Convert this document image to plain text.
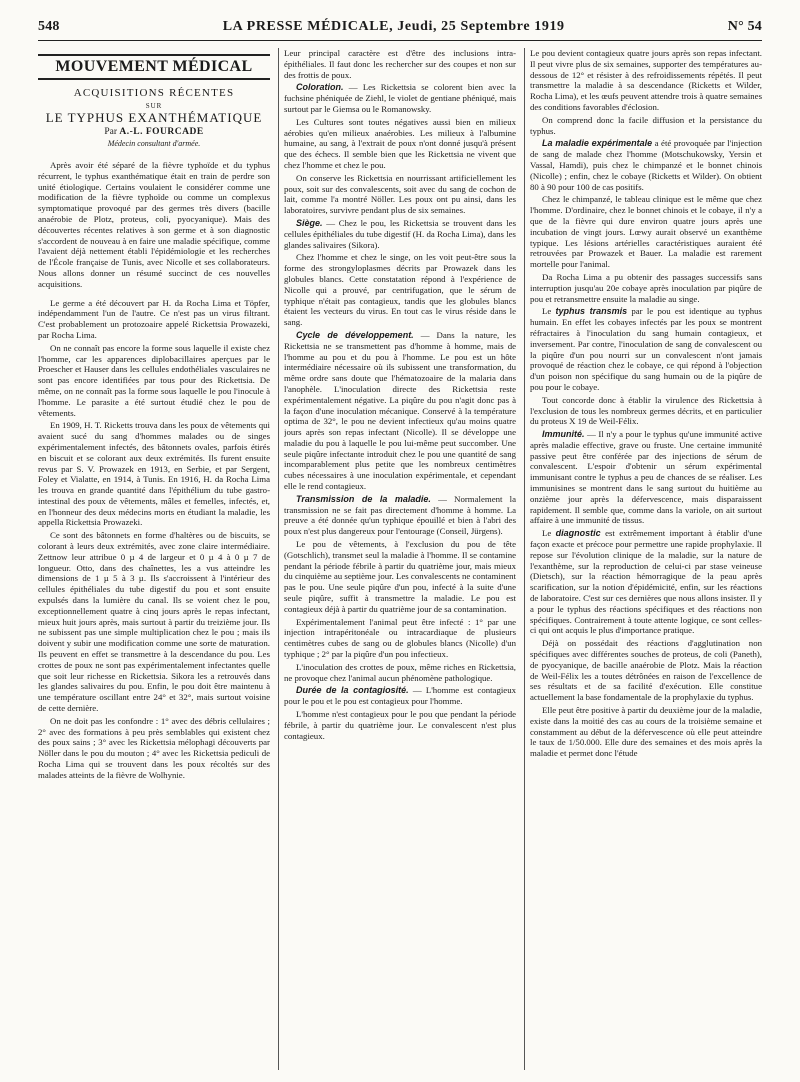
548	LA PRESSE MÉDICALE, Jeudi, 25 Septembre 1919	N° 54
MOUVEMENT MÉDICAL
ACQUISITIONS RÉCENTES
SUR
LE TYPHUS EXANTHÉMATIQUE
Par A.-L. FOURCADE
Médecin consultant d'armée.

Après avoir été séparé de la fièvre typhoïde et du typhus récurrent, le typhus exanthématique était en train de perdre son unité étiologique. Certains voulaient le considérer comme une modification de la fièvre typhoïde ou comme un complexus symptomatique provoqué par des germes très divers (bacille anaérobie de Plotz, proteus, coli, pyocyanique). Mais des découvertes récentes relatives à son germe et à son diagnostic s'accordent de nouveau à en faire une maladie spécifique, comme l'avaient déjà nettement établi l'épidémiologie et les recherches de l'École française de Tunis, avec Nicolle et ses collaborateurs. Nous allons donner un résumé succinct de ces nouvelles acquisitions.

Le germe a été découvert par H. da Rocha Lima et Töpfer, indépendamment l'un de l'autre. Ce n'est pas un virus filtrant. C'est probablement un protozoaire appelé Rickettsia Prowazeki, par Rocha Lima.

On ne connaît pas encore la forme sous laquelle il existe chez l'homme, car les apparences diplobacillaires aperçues par le Proescher et Hauser dans les cellules endothéliales vasculaires ne sont pas encore identifiées par tous pour des Rickettsia. De même, on ne connaît pas la forme sous laquelle le pou l'inocule à l'homme. Le parasite a été surtout étudié chez le pou de vêtements.

En 1909, H. T. Ricketts trouva dans les poux de vêtements qui avaient sucé du sang d'hommes malades ou de singes expérimentalement infectés, des bâtonnets ovales, parfois étirés en biscuit et se colorant aux deux extrémités. Ils furent ensuite revus par S. V. Prowazek en 1913, en Serbie, et par Sergent, Foley et Vialatte, en 1914, à Tunis. En 1916, H. da Rocha Lima les trouva en grande quantité dans l'épithélium du tube gastro-intestinal des poux de vêtements, mâles et femelles, infectés, et, en l'honneur des deux médecins morts en étudiant la maladie, les appella Rickettsia Prowazeki.

Ce sont des bâtonnets en forme d'haltères ou de biscuits, se colorant à leurs deux extrémités, avec zone claire intermédiaire. Zettnow leur attribue 0 µ 4 de largeur et 0 µ 4 à 0 µ 7 de longueur. Otto, dans des chaînettes, les a vus atteindre les dimensions de 1 µ 5 à 3 µ. Ils s'accroissent à l'intérieur des cellules épithéliales du tube digestif du pou et sont ensuite expulsés dans la lumière du canal. Ils se voient chez le pou, exceptionnellement quatre à cinq jours après le repas infectant, mieux huit jours après, mais surtout à partir du treizième jour. Ils ne subissent pas une simple multiplication chez le pou ; mais ils doivent y subir une modification comme une sorte de maturation. Ils peuvent en effet se transmettre à la descendance du pou. Les crottes de poux ne sont pas expérimentalement infectantes quelle que soit leur richesse en Rickettsia. Sikora les a retrouvés dans les glandes salivaires du pou. Enfin, le pou doit être maintenu à une température oscillant entre 24° et 32°, mais surtout voisine de cette dernière.

On ne doit pas les confondre : 1° avec des débris cellulaires ; 2° avec des formations à peu près semblables qui existent chez des poux sains ; 3° avec les Rickettsia mélophagi découverts par Nöller dans le pou du mouton ; 4° avec les Rickettsia pediculi de Rocha Lima qui se trouvent dans les poux récoltés sur des malades atteints de la fièvre de Wolhynie.

Leur principal caractère est d'être des inclusions intra-épithéliales. Il faut donc les rechercher sur des coupes et non sur des frottis de poux.

Coloration. — Les Rickettsia se colorent bien avec la fuchsine phéniquée de Ziehl, le violet de gentiane phéniqué, mais surtout par le Giemsa ou le Romanowsky.

Les Cultures sont toutes négatives aussi bien en milieux aérobies qu'en milieux anaérobies. Les milieux à l'albumine humaine, au sang, à l'extrait de poux n'ont donné jusqu'à présent que des échecs. Il semble bien que les Rickettsia ne vivent que chez l'homme et chez le pou.

On conserve les Rickettsia en nourrissant artificiellement les poux, soit sur des convalescents, soit avec du sang de cochon de lait, comme l'a montré Nöller. Les poux ont pu ainsi, dans les laboratoires, survivre pendant plus de six semaines.

Siège. — Chez le pou, les Rickettsia se trouvent dans les cellules épithéliales du tube digestif (H. da Rocha Lima), dans les glandes salivaires (Sikora).

Chez l'homme et chez le singe, on les voit peut-être sous la forme des strongyloplasmes décrits par Prowazek dans les globules blancs. Cette constatation répond à l'expérience de Nicolle qui a prouvé, par centrifugation, que le sérum de typhique n'était pas contagieux, tandis que les globules blancs étaient les vecteurs du virus. En tout cas le virus réside dans le sang.

Cycle de développement. — Dans la nature, les Rickettsia ne se transmettent pas d'homme à homme, mais de l'homme au pou et du pou à l'homme. Le pou est un hôte intermédiaire nécessaire où ils subissent une transformation, du même ordre sans doute que l'hématozoaire de la malaria dans l'anophèle. L'inoculation directe des Rickettsia reste expérimentalement négative. La piqûre du pou n'agit donc pas à la façon d'une inoculation mécanique. Conservé à la température optima de 32°, le pou ne devient infectieux qu'au moins quatre jours après son repas infectant (Nicolle). Il se développe une maladie du pou à laquelle le pou lui-même peut succomber. Une seule piqûre infectante introduit chez le pou une quantité de sang incomparablement plus petite que les nombreux centimètres cubes nécessaires à une inoculation expérimentale, et cependant elle le rend contagieux.

Transmission de la maladie. — Normalement la transmission ne se fait pas directement d'homme à homme. La preuve a été donnée qu'un typhique épouillé et bien à l'abri des poux n'est plus dangereux pour l'entourage (Conseil, Jürgens).

Le pou de vêtements, à l'exclusion du pou de tête (Gotschlich), transmet seul la maladie à l'homme. Il se contamine pendant la période fébrile à partir du quatrième jour, mais mieux du cinquième au septième jour. Les convalescents ne contaminent pas le pou. Une seule piqûre d'un pou, infecté à la suite d'une seule piqûre, suffit à transmettre la maladie. Le pou est contagieux déjà à partir du quatrième jour de sa contamination.

Expérimentalement l'animal peut être infecté : 1° par une injection intrapéritonéale ou intracardiaque de plusieurs centimètres cubes de sang ou de globules blancs (Nicolle) d'un typhique ; 2° par la piqûre d'un pou infectieux.

L'inoculation des crottes de poux, même riches en Rickettsia, ne provoque chez l'animal aucun phénomène pathologique.

Durée de la contagiosité. — L'homme est contagieux pour le pou et le pou est contagieux pour l'homme.

L'homme n'est contagieux pour le pou que pendant la période fébrile, à partir du quatrième jour. Le convalescent n'est plus contagieux.

Le pou devient contagieux quatre jours après son repas infectant. Il peut vivre plus de six semaines, supporter des températures au-dessous de 12° et résister à des refroidissements répétés. Il peut transmettre la maladie à sa descendance (Ricketts et Wilder, Rocha Lima), et les œufs peuvent attendre trois à quatre semaines des conditions favorables d'éclosion.

On comprend donc la facile diffusion et la persistance du typhus.

La maladie expérimentale a été provoquée par l'injection de sang de malade chez l'homme (Motschukowsky, Yersin et Vassal, Hamdi), puis chez le chimpanzé et le bonnet chinois (Nicolle) ; enfin, chez le cobaye (Ricketts et Wilder). On obtient 80 à 90 pour 100 de cas positifs.

Chez le chimpanzé, le tableau clinique est le même que chez l'homme. D'ordinaire, chez le bonnet chinois et le cobaye, il n'y a que de la fièvre qui dure environ quatre jours après une incubation de vingt jours. Lœwy aurait observé un exanthème typique. Les lésions artérielles caractéristiques auraient été retrouvées par Prowazek et Bauer. La maladie est rarement mortelle pour l'animal.

Da Rocha Lima a pu obtenir des passages successifs sans interruption jusqu'au 20e cobaye après inoculation par piqûre de pou et retransmettre ensuite la maladie au singe.

Le typhus transmis par le pou est identique au typhus humain. En effet les cobayes infectés par les poux se montrent réfractaires à l'inoculation du sang humain contagieux, et inversement. Par contre, l'inoculation de sang de convalescent ou la piqûre d'un pou nourri sur un convalescent n'ont jamais provoqué de réaction chez le cobaye, ce qui répond à l'objection d'un poison non spécifique du sang humain ou de la piqûre de pou pour le cobaye.

Tout concorde donc à établir la virulence des Rickettsia à l'exclusion de tous les nombreux germes décrits, et en particulier du proteus X 19 de Weil-Félix.

Immunité. — Il n'y a pour le typhus qu'une immunité active après maladie effective, grave ou fruste. Une certaine immunité passive peut être conférée par des injections de sérum de convalescent. L'espoir d'obtenir un sérum expérimental immunisant contre le typhus a peu de chances de se réaliser. Les immunisines se montrent dans le sang surtout du huitième au onzième jour après la défervescence, mais disparaissent rapidement. Il semble que, comme dans la variole, on ait surtout affaire à une immunité de tissus.

Le diagnostic est extrêmement important à établir d'une façon exacte et précoce pour permettre une rapide prophylaxie. Il repose sur l'évolution clinique de la maladie, sur la nature de l'exanthème, sur la reproduction de celui-ci par stase veineuse (Dietsch), sur la réaction hémorragique de la peau après scarification, sur la notion d'épidémicité, enfin, sur les réactions de laboratoire. C'est sur ces dernières que nous allons insister. Il y a pour le typhus des réactions spécifiques et des réactions non spécifiques. Contrairement à toute attente logique, ce sont celles-ci qui ont acquis le plus d'importance pratique.

Déjà on possédait des réactions d'agglutination non spécifiques avec différentes souches de proteus, de coli (Paneth), de pyocyanique, de bacille anaérobie de Plotz. Mais la réaction de Weil-Félix les a toutes détrônées en raison de l'excellence de ses résultats et de sa facilité d'exécution. Elle constitue actuellement la base fondamentale de la prophylaxie du typhus.

Elle peut être positive à partir du deuxième jour de la maladie, existe dans la moitié des cas au cours de la troisième semaine et constamment au début de la défervescence où elle peut atteindre le taux de 1/50.000. Elle dure des semaines et des mois après la maladie et permet donc l'étude
